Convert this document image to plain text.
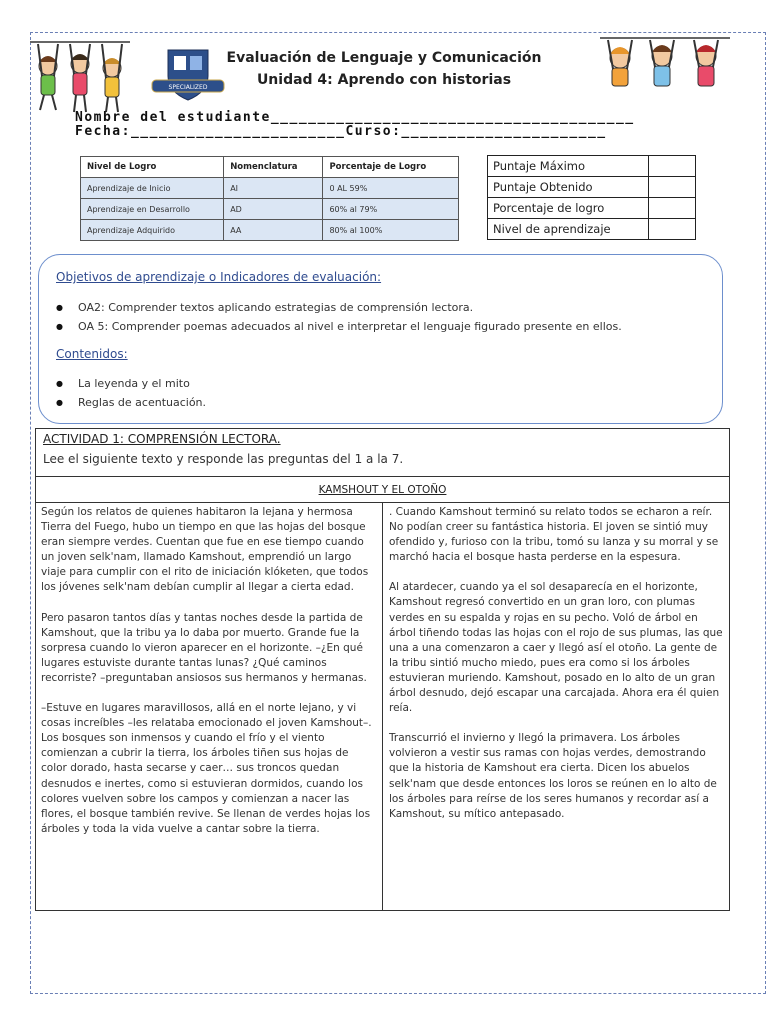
SPECIALIZED
Evaluación de Lenguaje y Comunicación
Unidad 4: Aprendo con historias
Nombre del estudiante_______________________________________
Fecha:_______________________Curso:______________________
Nivel de Logro	Nomenclatura	Porcentaje de Logro
Aprendizaje de Inicio	AI	0 AL 59%
Aprendizaje en Desarrollo	AD	60% al 79%
Aprendizaje Adquirido	AA	80% al 100%
Puntaje Máximo	
Puntaje Obtenido	
Porcentaje de logro	
Nivel de aprendizaje	
Objetivos de aprendizaje o Indicadores de evaluación:
● OA2: Comprender textos aplicando estrategias de comprensión lectora.
● OA 5: Comprender poemas adecuados al nivel e interpretar el lenguaje figurado presente en ellos.
Contenidos:
● La leyenda y el mito
● Reglas de acentuación.
ACTIVIDAD 1: COMPRENSIÓN LECTORA.
Lee el siguiente texto y responde las preguntas del 1 a la 7.
KAMSHOUT Y EL OTOÑO

Según los relatos de quienes habitaron la lejana y hermosa Tierra del Fuego, hubo un tiempo en que las hojas del bosque eran siempre verdes. Cuentan que fue en ese tiempo cuando un joven selk'nam, llamado Kamshout, emprendió un largo viaje para cumplir con el rito de iniciación klóketen, que todos los jóvenes selk'nam debían cumplir al llegar a cierta edad.

Pero pasaron tantos días y tantas noches desde la partida de Kamshout, que la tribu ya lo daba por muerto. Grande fue la sorpresa cuando lo vieron aparecer en el horizonte. –¿En qué lugares estuviste durante tantas lunas? ¿Qué caminos recorriste? –preguntaban ansiosos sus hermanos y hermanas.

–Estuve en lugares maravillosos, allá en el norte lejano, y vi cosas increíbles –les relataba emocionado el joven Kamshout–. Los bosques son inmensos y cuando el frío y el viento comienzan a cubrir la tierra, los árboles tiñen sus hojas de color dorado, hasta secarse y caer… sus troncos quedan desnudos e inertes, como si estuvieran dormidos, cuando los colores vuelven sobre los campos y comienzan a nacer las flores, el bosque también revive. Se llenan de verdes hojas los árboles y toda la vida vuelve a cantar sobre la tierra.

. Cuando Kamshout terminó su relato todos se echaron a reír. No podían creer su fantástica historia. El joven se sintió muy ofendido y, furioso con la tribu, tomó su lanza y su morral y se marchó hacia el bosque hasta perderse en la espesura.

Al atardecer, cuando ya el sol desaparecía en el horizonte, Kamshout regresó convertido en un gran loro, con plumas verdes en su espalda y rojas en su pecho. Voló de árbol en árbol tiñendo todas las hojas con el rojo de sus plumas, las que una a una comenzaron a caer y llegó así el otoño. La gente de la tribu sintió mucho miedo, pues era como si los árboles estuvieran muriendo. Kamshout, posado en lo alto de un gran árbol desnudo, dejó escapar una carcajada. Ahora era él quien reía.

Transcurrió el invierno y llegó la primavera. Los árboles volvieron a vestir sus ramas con hojas verdes, demostrando que la historia de Kamshout era cierta. Dicen los abuelos selk'nam que desde entonces los loros se reúnen en lo alto de los árboles para reírse de los seres humanos y recordar así a Kamshout, su mítico antepasado.
